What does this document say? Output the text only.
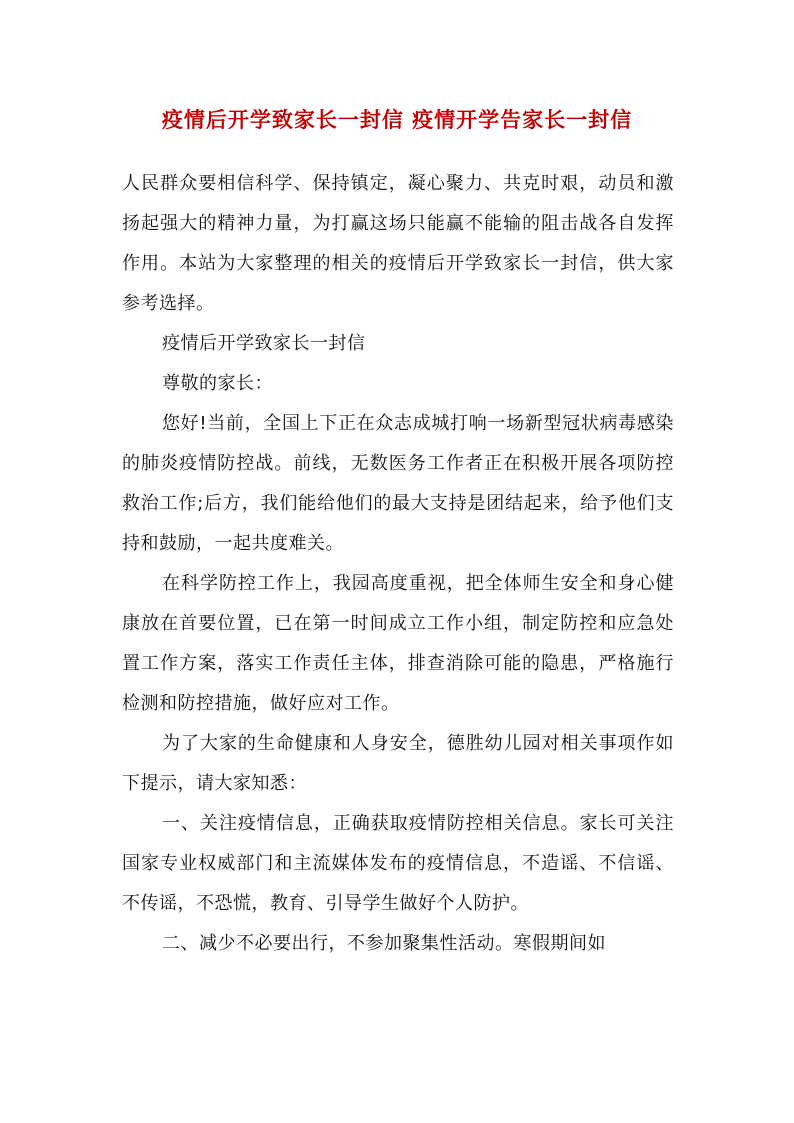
疫情后开学致家长一封信 疫情开学告家长一封信

人民群众要相信科学、保持镇定，凝心聚力、共克时艰，动员和激扬起强大的精神力量，为打赢这场只能赢不能输的阻击战各自发挥作用。本站为大家整理的相关的疫情后开学致家长一封信，供大家参考选择。

疫情后开学致家长一封信

尊敬的家长：

您好!当前，全国上下正在众志成城打响一场新型冠状病毒感染的肺炎疫情防控战。前线，无数医务工作者正在积极开展各项防控救治工作;后方，我们能给他们的最大支持是团结起来，给予他们支持和鼓励，一起共度难关。

在科学防控工作上，我园高度重视，把全体师生安全和身心健康放在首要位置，已在第一时间成立工作小组，制定防控和应急处置工作方案，落实工作责任主体，排查消除可能的隐患，严格施行检测和防控措施，做好应对工作。

为了大家的生命健康和人身安全，德胜幼儿园对相关事项作如下提示，请大家知悉：

一、关注疫情信息，正确获取疫情防控相关信息。家长可关注国家专业权威部门和主流媒体发布的疫情信息，不造谣、不信谣、不传谣，不恐慌，教育、引导学生做好个人防护。

二、减少不必要出行，不参加聚集性活动。寒假期间如
